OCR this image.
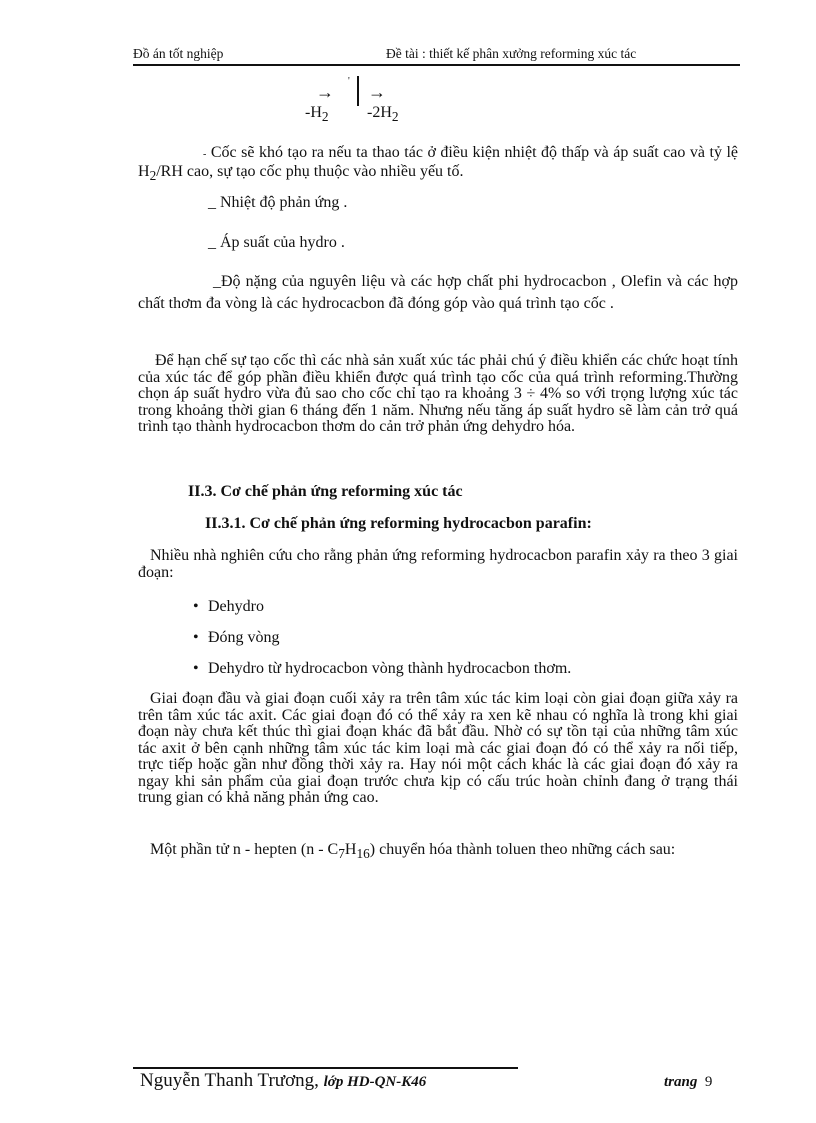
Đồ án tốt nghiệp	Đề tài : thiết kế phân xưởng reforming xúc tác
'
→ →
$-H_2$ $-2H_2$

- Cốc sẽ khó tạo ra nếu ta thao tác ở điều kiện nhiệt độ thấp và áp suất cao và tỷ lệ $H_2/RH$ cao, sự tạo cốc phụ thuộc vào nhiều yếu tố.

_ Nhiệt độ phản ứng .
_ Áp suất của hydro .

_Độ nặng của nguyên liệu và các hợp chất phi hydrocacbon , Olefin và các hợp chất thơm đa vòng là các hydrocacbon đã đóng góp vào quá trình tạo cốc .

Để hạn chế sự tạo cốc thì các nhà sản xuất xúc tác phải chú ý điều khiển các chức hoạt tính của xúc tác để góp phần điều khiển được quá trình tạo cốc của quá trình reforming.Thường chọn áp suất hydro vừa đủ sao cho cốc chỉ tạo ra khoảng 3 ÷ 4% so với trọng lượng xúc tác trong khoảng thời gian 6 tháng đến 1 năm. Nhưng nếu tăng áp suất hydro sẽ làm cản trở quá trình tạo thành hydrocacbon thơm do cản trở phản ứng dehydro hóa.

II.3. Cơ chế phản ứng reforming xúc tác
II.3.1. Cơ chế phản ứng reforming hydrocacbon parafin:

Nhiều nhà nghiên cứu cho rằng phản ứng reforming hydrocacbon parafin xảy ra theo 3 giai đoạn:

• Dehydro
• Đóng vòng
• Dehydro từ hydrocacbon vòng thành hydrocacbon thơm.

Giai đoạn đầu và giai đoạn cuối xảy ra trên tâm xúc tác kim loại còn giai đoạn giữa xảy ra trên tâm xúc tác axit. Các giai đoạn đó có thể xảy ra xen kẽ nhau có nghĩa là trong khi giai đoạn này chưa kết thúc thì giai đoạn khác đã bắt đầu. Nhờ có sự tồn tại của những tâm xúc tác axit ở bên cạnh những tâm xúc tác kim loại mà các giai đoạn đó có thể xảy ra nối tiếp, trực tiếp hoặc gần như đồng thời xảy ra. Hay nói một cách khác là các giai đoạn đó xảy ra ngay khi sản phẩm của giai đoạn trước chưa kịp có cấu trúc hoàn chỉnh đang ở trạng thái trung gian có khả năng phản ứng cao.

Một phần tử n - hepten $(n - C_7H_{16})$ chuyển hóa thành toluen theo những cách sau:

Nguyễn Thanh Trương, lớp HD-QN-K46	trang 9
